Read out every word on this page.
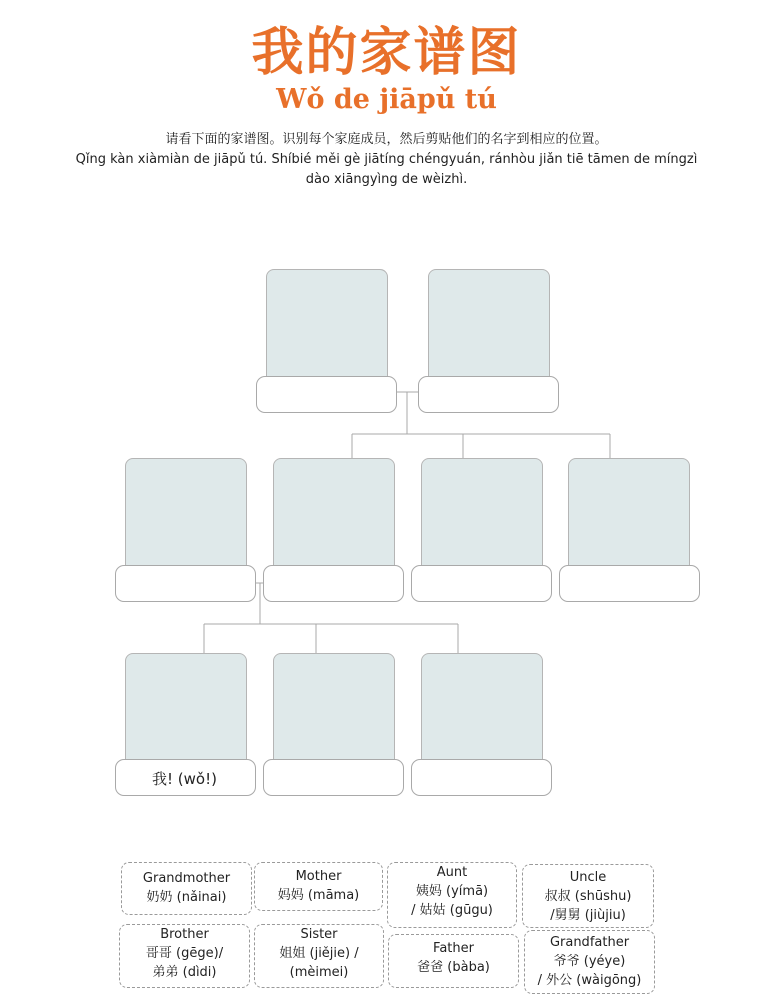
我的家谱图
Wǒ de jiāpǔ tú
请看下面的家谱图。识别每个家庭成员，然后剪贴他们的名字到相应的位置。
Qǐng kàn xiàmiàn de jiāpǔ tú. Shíbié měi gè jiātíng chéngyuán, ránhòu jiǎn tiē tāmen de míngzì
dào xiāngyìng de wèizhì.
我! (wǒ!)
Grandmother
奶奶 (nǎinai)
Mother
妈妈 (māma)
Aunt
姨妈 (yímā)
/ 姑姑 (gūgu)
Uncle
叔叔 (shūshu)
/舅舅 (jiùjiu)
Brother
哥哥 (gēge)/
弟弟 (dìdi)
Sister
姐姐 (jiějie) /
(mèimei)
Father
爸爸 (bàba)
Grandfather
爷爷 (yéye)
/ 外公 (wàigōng)
